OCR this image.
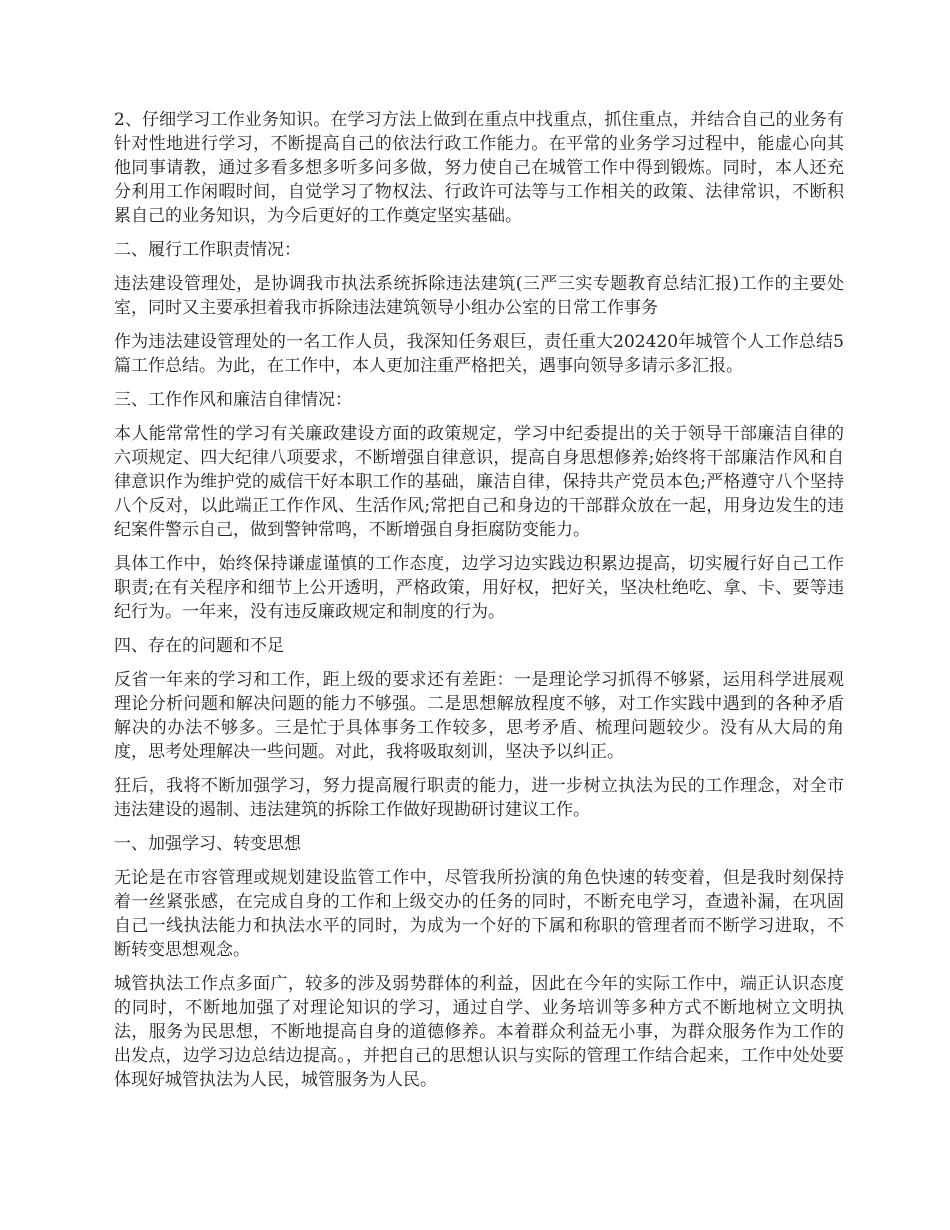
2、仔细学习工作业务知识。在学习方法上做到在重点中找重点，抓住重点，并结合自己的业务有针对性地进行学习，不断提高自己的依法行政工作能力。在平常的业务学习过程中，能虚心向其他同事请教，通过多看多想多听多问多做，努力使自己在城管工作中得到锻炼。同时，本人还充分利用工作闲暇时间，自觉学习了物权法、行政许可法等与工作相关的政策、法律常识，不断积累自己的业务知识，为今后更好的工作奠定坚实基础。

二、履行工作职责情况：

违法建设管理处，是协调我市执法系统拆除违法建筑(三严三实专题教育总结汇报)工作的主要处室，同时又主要承担着我市拆除违法建筑领导小组办公室的日常工作事务

作为违法建设管理处的一名工作人员，我深知任务艰巨，责任重大202420年城管个人工作总结5篇工作总结。为此，在工作中，本人更加注重严格把关，遇事向领导多请示多汇报。

三、工作作风和廉洁自律情况：

本人能常常性的学习有关廉政建设方面的政策规定，学习中纪委提出的关于领导干部廉洁自律的六项规定、四大纪律八项要求，不断增强自律意识，提高自身思想修养;始终将干部廉洁作风和自律意识作为维护党的威信干好本职工作的基础，廉洁自律，保持共产党员本色;严格遵守八个坚持八个反对，以此端正工作作风、生活作风;常把自己和身边的干部群众放在一起，用身边发生的违纪案件警示自己，做到警钟常鸣，不断增强自身拒腐防变能力。

具体工作中，始终保持谦虚谨慎的工作态度，边学习边实践边积累边提高，切实履行好自己工作职责;在有关程序和细节上公开透明，严格政策，用好权，把好关，坚决杜绝吃、拿、卡、要等违纪行为。一年来，没有违反廉政规定和制度的行为。

四、存在的问题和不足

反省一年来的学习和工作，距上级的要求还有差距：一是理论学习抓得不够紧，运用科学进展观理论分析问题和解决问题的能力不够强。二是思想解放程度不够，对工作实践中遇到的各种矛盾解决的办法不够多。三是忙于具体事务工作较多，思考矛盾、梳理问题较少。没有从大局的角度，思考处理解决一些问题。对此，我将吸取刻训，坚决予以纠正。

狂后，我将不断加强学习，努力提高履行职责的能力，进一步树立执法为民的工作理念，对全市违法建设的遏制、违法建筑的拆除工作做好现勘研讨建议工作。

一、加强学习、转变思想

无论是在市容管理或规划建设监管工作中，尽管我所扮演的角色快速的转变着，但是我时刻保持着一丝紧张感，在完成自身的工作和上级交办的任务的同时，不断充电学习，查遗补漏，在巩固自己一线执法能力和执法水平的同时，为成为一个好的下属和称职的管理者而不断学习进取，不断转变思想观念。

城管执法工作点多面广，较多的涉及弱势群体的利益，因此在今年的实际工作中，端正认识态度的同时，不断地加强了对理论知识的学习，通过自学、业务培训等多种方式不断地树立文明执法，服务为民思想，不断地提高自身的道德修养。本着群众利益无小事，为群众服务作为工作的出发点，边学习边总结边提高。，并把自己的思想认识与实际的管理工作结合起来，工作中处处要体现好城管执法为人民，城管服务为人民。
